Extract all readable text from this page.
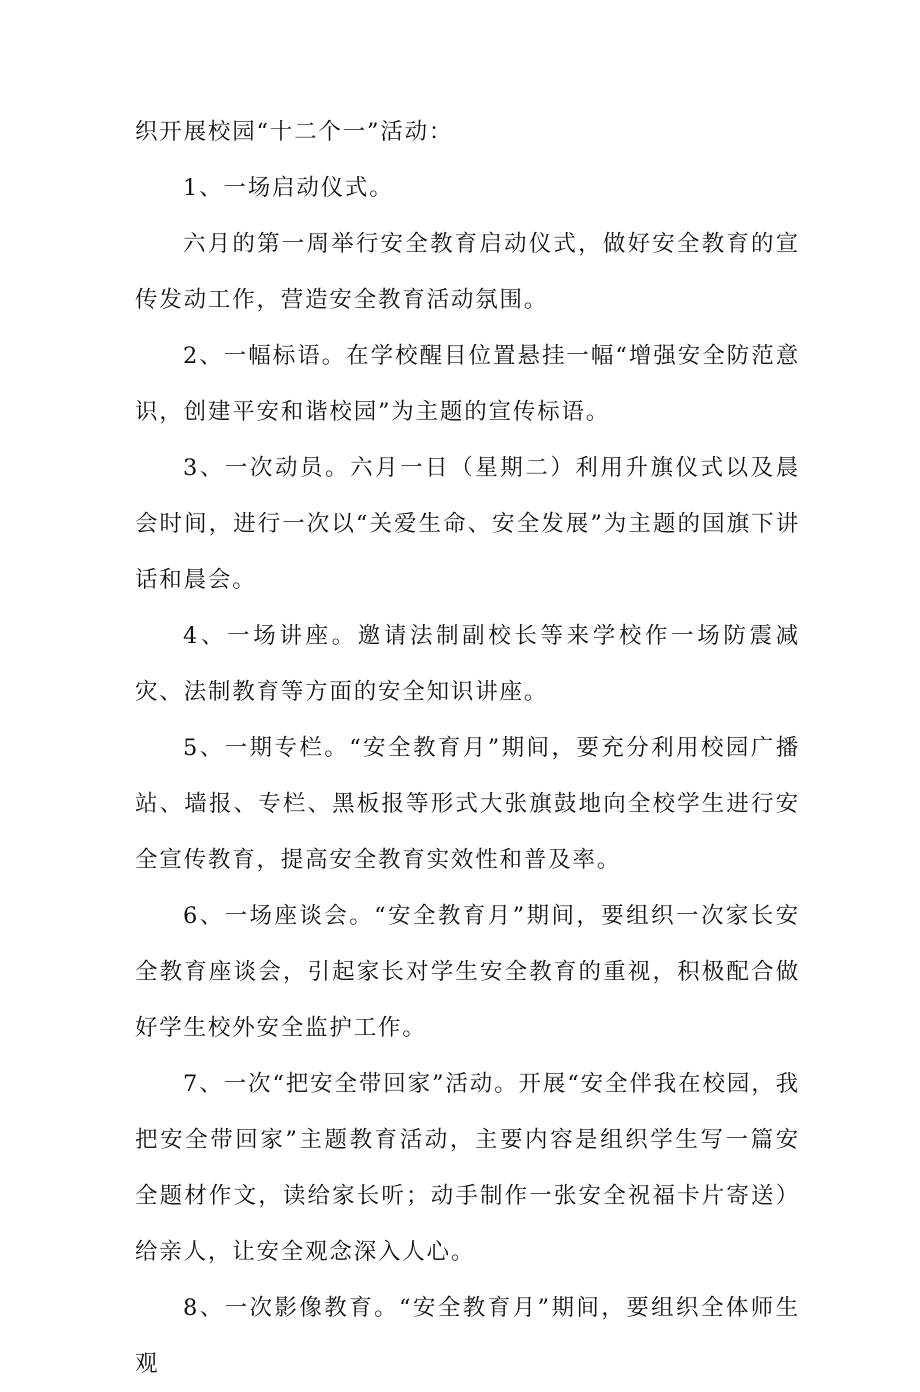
织开展校园“十二个一”活动：

1、一场启动仪式。

六月的第一周举行安全教育启动仪式，做好安全教育的宣传发动工作，营造安全教育活动氛围。

2、一幅标语。在学校醒目位置悬挂一幅“增强安全防范意识，创建平安和谐校园”为主题的宣传标语。

3、一次动员。六月一日（星期二）利用升旗仪式以及晨会时间，进行一次以“关爱生命、安全发展”为主题的国旗下讲话和晨会。

4、一场讲座。邀请法制副校长等来学校作一场防震减灾、法制教育等方面的安全知识讲座。

5、一期专栏。“安全教育月”期间，要充分利用校园广播站、墙报、专栏、黑板报等形式大张旗鼓地向全校学生进行安全宣传教育，提高安全教育实效性和普及率。

6、一场座谈会。“安全教育月”期间，要组织一次家长安全教育座谈会，引起家长对学生安全教育的重视，积极配合做好学生校外安全监护工作。

7、一次“把安全带回家”活动。开展“安全伴我在校园，我把安全带回家”主题教育活动，主要内容是组织学生写一篇安全题材作文，读给家长听；动手制作一张安全祝福卡片寄送）给亲人，让安全观念深入人心。

8、一次影像教育。“安全教育月”期间，要组织全体师生观
